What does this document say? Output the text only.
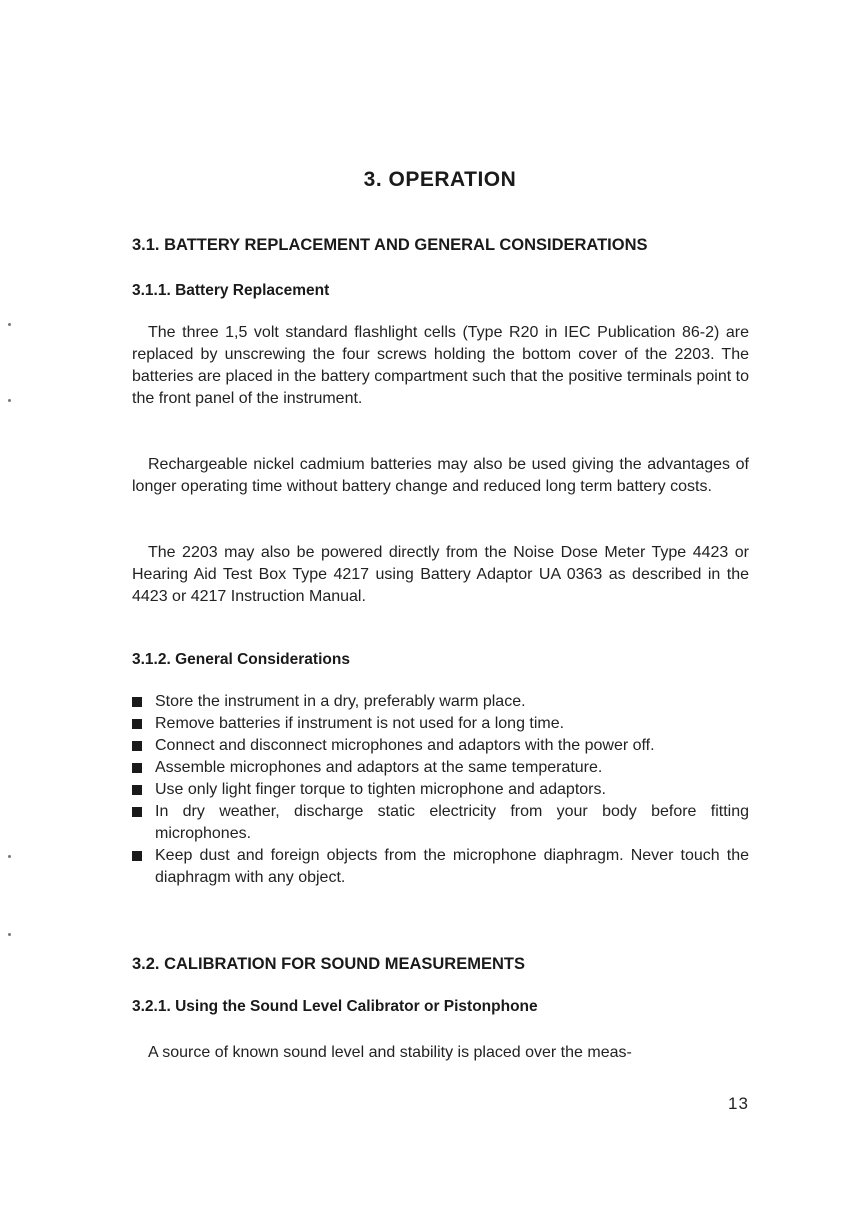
3. OPERATION
3.1. BATTERY REPLACEMENT AND GENERAL CONSIDERATIONS
3.1.1. Battery Replacement
The three 1,5 volt standard flashlight cells (Type R20 in IEC Publication 86-2) are replaced by unscrewing the four screws holding the bottom cover of the 2203. The batteries are placed in the battery compartment such that the positive terminals point to the front panel of the instrument.
Rechargeable nickel cadmium batteries may also be used giving the advantages of longer operating time without battery change and reduced long term battery costs.
The 2203 may also be powered directly from the Noise Dose Meter Type 4423 or Hearing Aid Test Box Type 4217 using Battery Adaptor UA 0363 as described in the 4423 or 4217 Instruction Manual.
3.1.2. General Considerations
Store the instrument in a dry, preferably warm place.
Remove batteries if instrument is not used for a long time.
Connect and disconnect microphones and adaptors with the power off.
Assemble microphones and adaptors at the same temperature.
Use only light finger torque to tighten microphone and adaptors.
In dry weather, discharge static electricity from your body before fitting microphones.
Keep dust and foreign objects from the microphone diaphragm. Never touch the diaphragm with any object.
3.2. CALIBRATION FOR SOUND MEASUREMENTS
3.2.1. Using the Sound Level Calibrator or Pistonphone
A source of known sound level and stability is placed over the meas-
13
